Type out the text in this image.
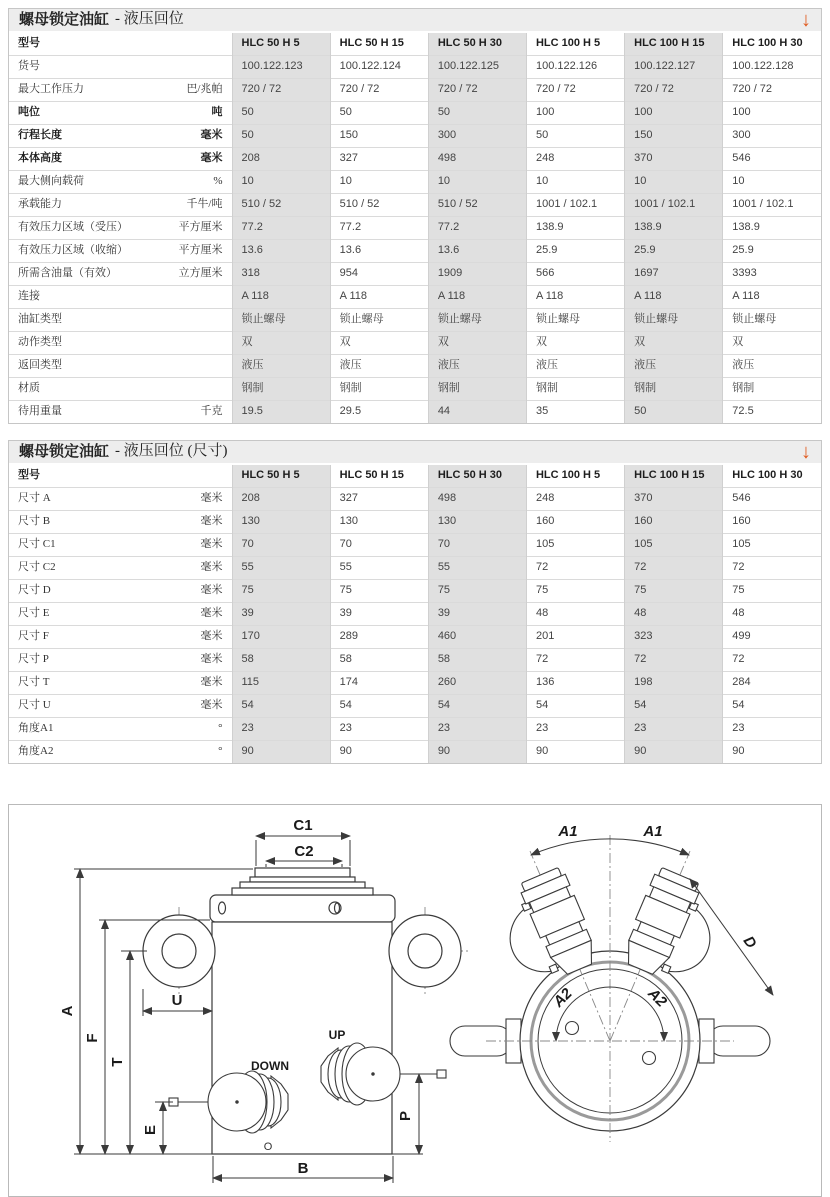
螺母锁定油缸 - 液压回位	↓
型号	HLC 50 H 5	HLC 50 H 15	HLC 50 H 30	HLC 100 H 5	HLC 100 H 15	HLC 100 H 30
货号	100.122.123	100.122.124	100.122.125	100.122.126	100.122.127	100.122.128
最大工作压力 巴/兆帕	720 / 72	720 / 72	720 / 72	720 / 72	720 / 72	720 / 72
吨位 吨	50	50	50	100	100	100
行程长度 毫米	50	150	300	50	150	300
本体高度 毫米	208	327	498	248	370	546
最大侧向载荷 %	10	10	10	10	10	10
承载能力 千牛/吨	510 / 52	510 / 52	510 / 52	1001 / 102.1	1001 / 102.1	1001 / 102.1
有效压力区域（受压） 平方厘米	77.2	77.2	77.2	138.9	138.9	138.9
有效压力区域（收缩） 平方厘米	13.6	13.6	13.6	25.9	25.9	25.9
所需含油量（有效） 立方厘米	318	954	1909	566	1697	3393
连接	A 118	A 118	A 118	A 118	A 118	A 118
油缸类型	锁止螺母	锁止螺母	锁止螺母	锁止螺母	锁止螺母	锁止螺母
动作类型	双	双	双	双	双	双
返回类型	液压	液压	液压	液压	液压	液压
材质	钢制	钢制	钢制	钢制	钢制	钢制
待用重量 千克	19.5	29.5	44	35	50	72.5
螺母锁定油缸 - 液压回位 (尺寸)	↓
型号	HLC 50 H 5	HLC 50 H 15	HLC 50 H 30	HLC 100 H 5	HLC 100 H 15	HLC 100 H 30
尺寸 A 毫米	208	327	498	248	370	546
尺寸 B 毫米	130	130	130	160	160	160
尺寸 C1 毫米	70	70	70	105	105	105
尺寸 C2 毫米	55	55	55	72	72	72
尺寸 D 毫米	75	75	75	75	75	75
尺寸 E 毫米	39	39	39	48	48	48
尺寸 F 毫米	170	289	460	201	323	499
尺寸 P 毫米	58	58	58	72	72	72
尺寸 T 毫米	115	174	260	136	198	284
尺寸 U 毫米	54	54	54	54	54	54
角度A1 °	23	23	23	23	23	23
角度A2 °	90	90	90	90	90	90
DOWN
UP
O
C1
C2
A
F
T
U
E
P
B
A1	A1
A2	A2
D
